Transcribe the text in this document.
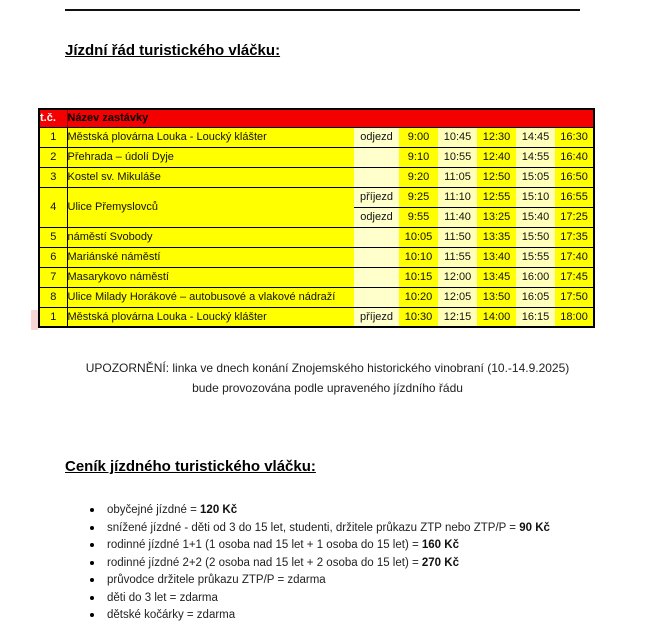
Jízdní řád turistického vláčku:
t.č.	Název zastávky						
1	Městská plovárna Louka - Loucký klášter	odjezd	9:00	10:45	12:30	14:45	16:30
2	Přehrada – údolí Dyje		9:10	10:55	12:40	14:55	16:40
3	Kostel sv. Mikuláše		9:20	11:05	12:50	15:05	16:50
4	Ulice Přemyslovců	příjezd	9:25	11:10	12:55	15:10	16:55
		odjezd	9:55	11:40	13:25	15:40	17:25
5	náměstí Svobody		10:05	11:50	13:35	15:50	17:35
6	Mariánské náměstí		10:10	11:55	13:40	15:55	17:40
7	Masarykovo náměstí		10:15	12:00	13:45	16:00	17:45
8	Ulice Milady Horákové – autobusové a vlakové nádraží		10:20	12:05	13:50	16:05	17:50
1	Městská plovárna Louka - Loucký klášter	příjezd	10:30	12:15	14:00	16:15	18:00
UPOZORNĚNÍ: linka ve dnech konání Znojemského historického vinobraní (10.-14.9.2025)
bude provozována podle upraveného jízdního řádu
Ceník jízdného turistického vláčku:
obyčejné jízdné = 120 Kč
snížené jízdné - děti od 3 do 15 let, studenti, držitele průkazu ZTP nebo ZTP/P = 90 Kč
rodinné jízdné 1+1 (1 osoba nad 15 let + 1 osoba do 15 let) = 160 Kč
rodinné jízdné 2+2 (2 osoba nad 15 let + 2 osoba do 15 let) = 270 Kč
průvodce držitele průkazu ZTP/P = zdarma
děti do 3 let = zdarma
dětské kočárky = zdarma
